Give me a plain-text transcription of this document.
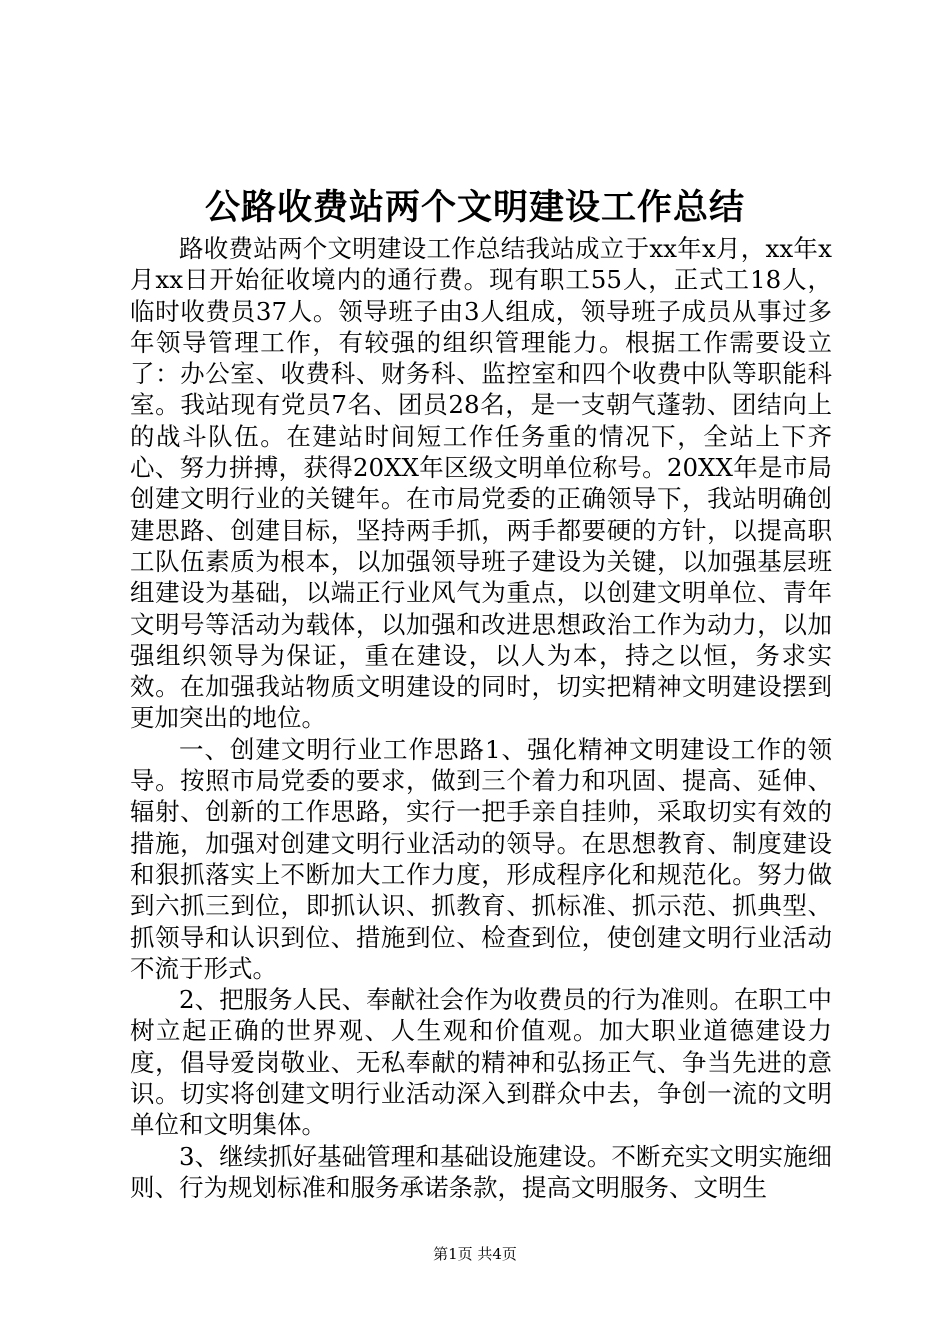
公路收费站两个文明建设工作总结

路收费站两个文明建设工作总结我站成立于xx年x月，xx年x月xx日开始征收境内的通行费。现有职工55人，正式工18人，临时收费员37人。领导班子由3人组成，领导班子成员从事过多年领导管理工作，有较强的组织管理能力。根据工作需要设立了：办公室、收费科、财务科、监控室和四个收费中队等职能科室。我站现有党员7名、团员28名，是一支朝气蓬勃、团结向上的战斗队伍。在建站时间短工作任务重的情况下，全站上下齐心、努力拼搏，获得20XX年区级文明单位称号。20XX年是市局创建文明行业的关键年。在市局党委的正确领导下，我站明确创建思路、创建目标，坚持两手抓，两手都要硬的方针，以提高职工队伍素质为根本，以加强领导班子建设为关键，以加强基层班组建设为基础，以端正行业风气为重点，以创建文明单位、青年文明号等活动为载体，以加强和改进思想政治工作为动力，以加强组织领导为保证，重在建设，以人为本，持之以恒，务求实效。在加强我站物质文明建设的同时，切实把精神文明建设摆到更加突出的地位。

一、创建文明行业工作思路1、强化精神文明建设工作的领导。按照市局党委的要求，做到三个着力和巩固、提高、延伸、辐射、创新的工作思路，实行一把手亲自挂帅，采取切实有效的措施，加强对创建文明行业活动的领导。在思想教育、制度建设和狠抓落实上不断加大工作力度，形成程序化和规范化。努力做到六抓三到位，即抓认识、抓教育、抓标准、抓示范、抓典型、抓领导和认识到位、措施到位、检查到位，使创建文明行业活动不流于形式。

2、把服务人民、奉献社会作为收费员的行为准则。在职工中树立起正确的世界观、人生观和价值观。加大职业道德建设力度，倡导爱岗敬业、无私奉献的精神和弘扬正气、争当先进的意识。切实将创建文明行业活动深入到群众中去，争创一流的文明单位和文明集体。

3、继续抓好基础管理和基础设施建设。不断充实文明实施细则、行为规划标准和服务承诺条款，提高文明服务、文明生

第1页 共4页
